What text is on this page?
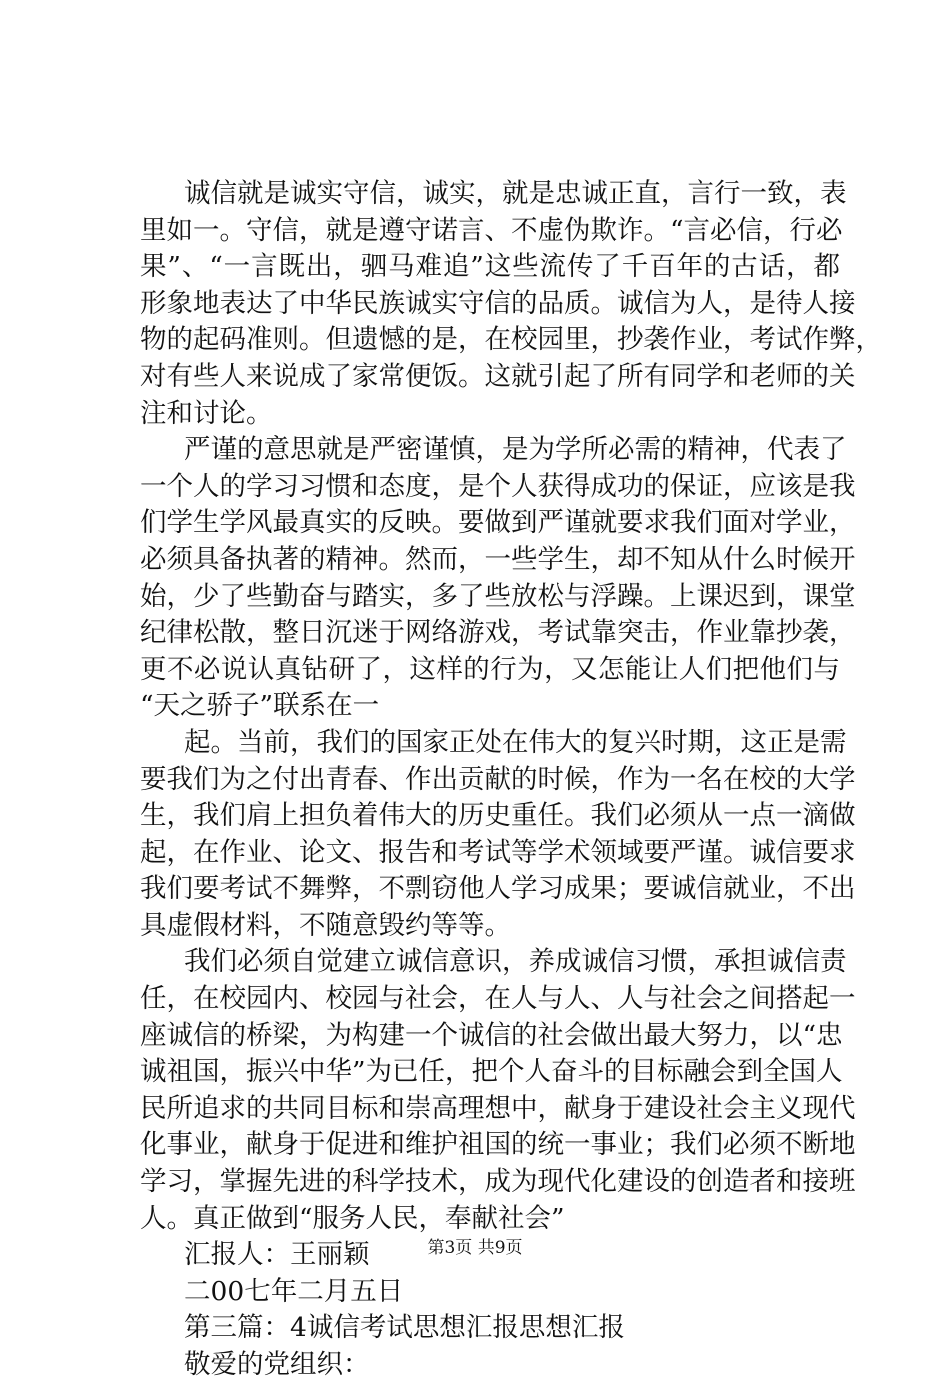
诚信就是诚实守信，诚实，就是忠诚正直，言行一致，表
里如一。守信，就是遵守诺言、不虚伪欺诈。“言必信，行必
果”、“一言既出，驷马难追”这些流传了千百年的古话，都
形象地表达了中华民族诚实守信的品质。诚信为人，是待人接
物的起码准则。但遗憾的是，在校园里，抄袭作业，考试作弊，
对有些人来说成了家常便饭。这就引起了所有同学和老师的关
注和讨论。
严谨的意思就是严密谨慎，是为学所必需的精神，代表了
一个人的学习习惯和态度，是个人获得成功的保证，应该是我
们学生学风最真实的反映。要做到严谨就要求我们面对学业，
必须具备执著的精神。然而，一些学生，却不知从什么时候开
始，少了些勤奋与踏实，多了些放松与浮躁。上课迟到，课堂
纪律松散，整日沉迷于网络游戏，考试靠突击，作业靠抄袭，
更不必说认真钻研了，这样的行为，又怎能让人们把他们与
“天之骄子”联系在一
起。当前，我们的国家正处在伟大的复兴时期，这正是需
要我们为之付出青春、作出贡献的时候，作为一名在校的大学
生，我们肩上担负着伟大的历史重任。我们必须从一点一滴做
起，在作业、论文、报告和考试等学术领域要严谨。诚信要求
我们要考试不舞弊，不剽窃他人学习成果；要诚信就业，不出
具虚假材料，不随意毁约等等。
我们必须自觉建立诚信意识，养成诚信习惯，承担诚信责
任，在校园内、校园与社会，在人与人、人与社会之间搭起一
座诚信的桥梁，为构建一个诚信的社会做出最大努力，以“忠
诚祖国，振兴中华”为已任，把个人奋斗的目标融会到全国人
民所追求的共同目标和崇高理想中，献身于建设社会主义现代
化事业，献身于促进和维护祖国的统一事业；我们必须不断地
学习，掌握先进的科学技术，成为现代化建设的创造者和接班
人。真正做到“服务人民，奉献社会”
汇报人：王丽颖
二00七年二月五日
第三篇：4诚信考试思想汇报思想汇报
敬爱的党组织：
第3页 共9页
